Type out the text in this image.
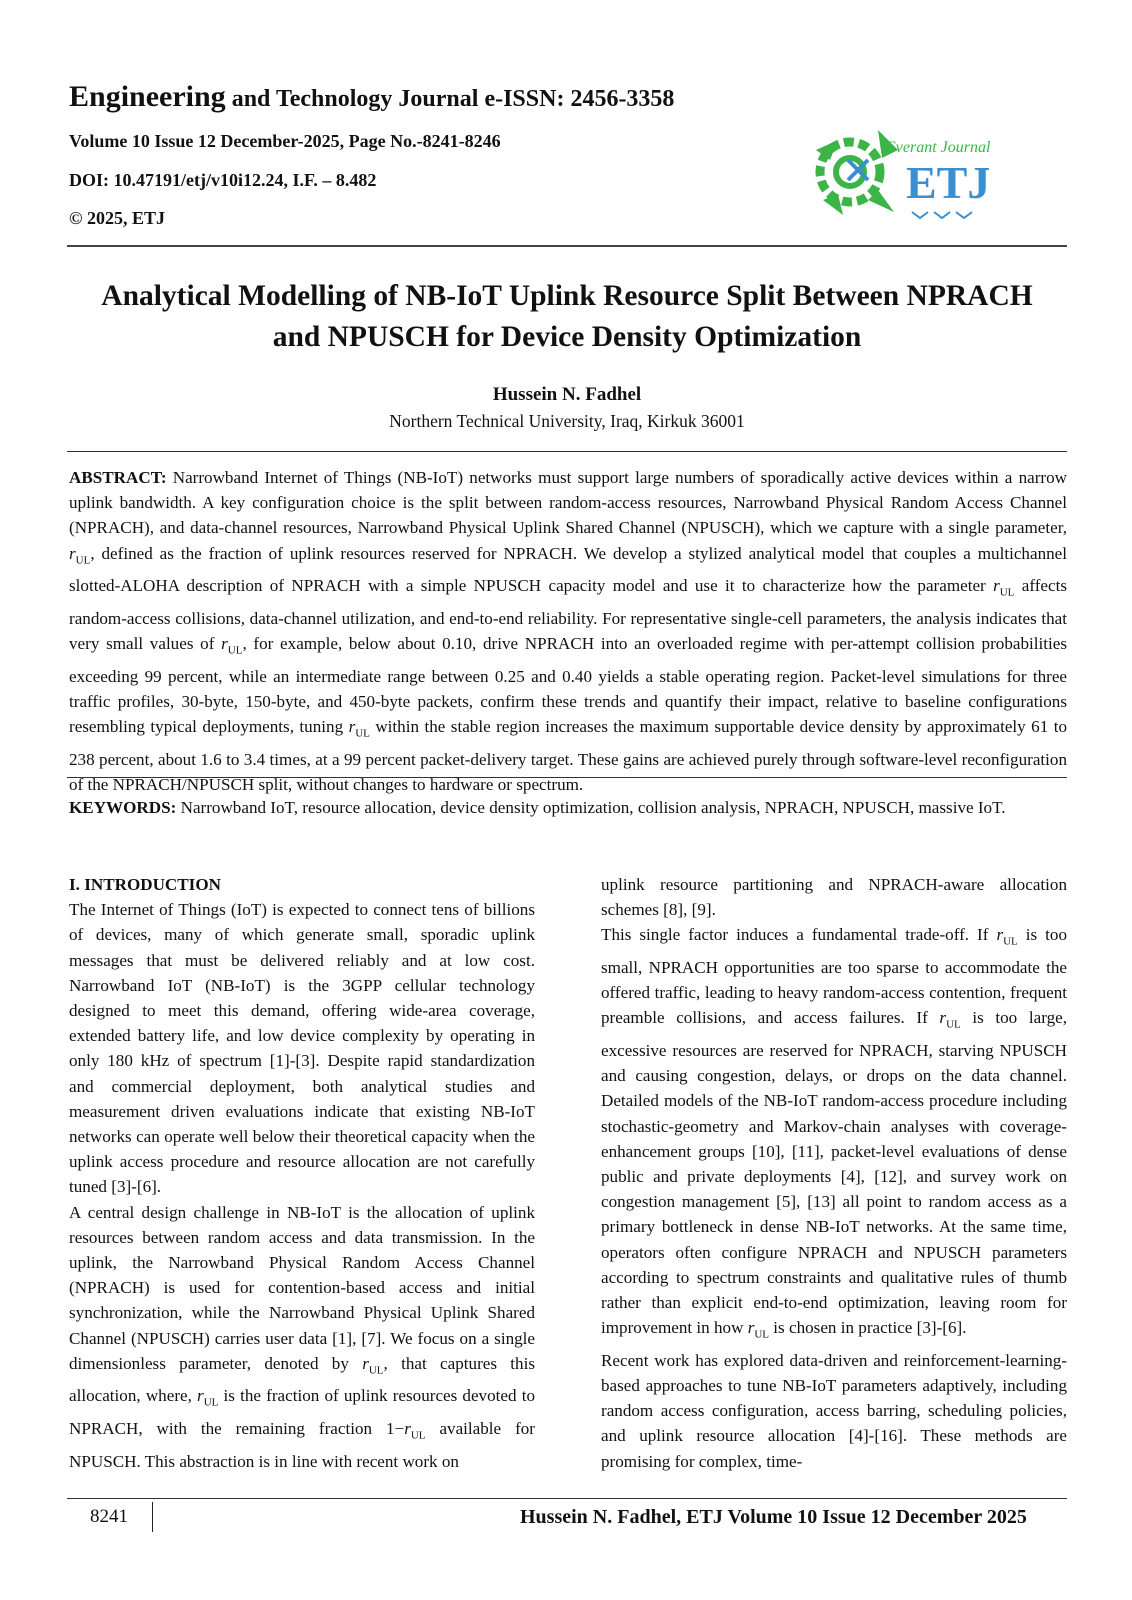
Engineering and Technology Journal e-ISSN: 2456-3358
Volume 10 Issue 12 December-2025, Page No.-8241-8246
DOI: 10.47191/etj/v10i12.24, I.F. – 8.482
© 2025, ETJ
Everant Journal
ETJ
Analytical Modelling of NB-IoT Uplink Resource Split Between NPRACH
and NPUSCH for Device Density Optimization
Hussein N. Fadhel
Northern Technical University, Iraq, Kirkuk 36001
ABSTRACT: Narrowband Internet of Things (NB-IoT) networks must support large numbers of sporadically active devices within a narrow uplink bandwidth. A key configuration choice is the split between random-access resources, Narrowband Physical Random Access Channel (NPRACH), and data-channel resources, Narrowband Physical Uplink Shared Channel (NPUSCH), which we capture with a single parameter, $r_{UL}$, defined as the fraction of uplink resources reserved for NPRACH. We develop a stylized analytical model that couples a multichannel slotted-ALOHA description of NPRACH with a simple NPUSCH capacity model and use it to characterize how the parameter $r_{UL}$ affects random-access collisions, data-channel utilization, and end-to-end reliability. For representative single-cell parameters, the analysis indicates that very small values of $r_{UL}$, for example, below about 0.10, drive NPRACH into an overloaded regime with per-attempt collision probabilities exceeding 99 percent, while an intermediate range between 0.25 and 0.40 yields a stable operating region. Packet-level simulations for three traffic profiles, 30-byte, 150-byte, and 450-byte packets, confirm these trends and quantify their impact, relative to baseline configurations resembling typical deployments, tuning $r_{UL}$ within the stable region increases the maximum supportable device density by approximately 61 to 238 percent, about 1.6 to 3.4 times, at a 99 percent packet-delivery target. These gains are achieved purely through software-level reconfiguration of the NPRACH/NPUSCH split, without changes to hardware or spectrum.
KEYWORDS: Narrowband IoT, resource allocation, device density optimization, collision analysis, NPRACH, NPUSCH, massive IoT.

I. INTRODUCTION

The Internet of Things (IoT) is expected to connect tens of billions of devices, many of which generate small, sporadic uplink messages that must be delivered reliably and at low cost. Narrowband IoT (NB-IoT) is the 3GPP cellular technology designed to meet this demand, offering wide-area coverage, extended battery life, and low device complexity by operating in only 180 kHz of spectrum [1]-[3]. Despite rapid standardization and commercial deployment, both analytical studies and measurement driven evaluations indicate that existing NB-IoT networks can operate well below their theoretical capacity when the uplink access procedure and resource allocation are not carefully tuned [3]-[6].

A central design challenge in NB-IoT is the allocation of uplink resources between random access and data transmission. In the uplink, the Narrowband Physical Random Access Channel (NPRACH) is used for contention-based access and initial synchronization, while the Narrowband Physical Uplink Shared Channel (NPUSCH) carries user data [1], [7]. We focus on a single dimensionless parameter, denoted by $r_{UL}$, that captures this allocation, where, $r_{UL}$ is the fraction of uplink resources devoted to NPRACH, with the remaining fraction $1-r_{UL}$ available for NPUSCH. This abstraction is in line with recent work on

uplink resource partitioning and NPRACH-aware allocation schemes [8], [9].

This single factor induces a fundamental trade-off. If $r_{UL}$ is too small, NPRACH opportunities are too sparse to accommodate the offered traffic, leading to heavy random-access contention, frequent preamble collisions, and access failures. If $r_{UL}$ is too large, excessive resources are reserved for NPRACH, starving NPUSCH and causing congestion, delays, or drops on the data channel. Detailed models of the NB-IoT random-access procedure including stochastic-geometry and Markov-chain analyses with coverage-enhancement groups [10], [11], packet-level evaluations of dense public and private deployments [4], [12], and survey work on congestion management [5], [13] all point to random access as a primary bottleneck in dense NB-IoT networks. At the same time, operators often configure NPRACH and NPUSCH parameters according to spectrum constraints and qualitative rules of thumb rather than explicit end-to-end optimization, leaving room for improvement in how $r_{UL}$ is chosen in practice [3]-[6].

Recent work has explored data-driven and reinforcement-learning-based approaches to tune NB-IoT parameters adaptively, including random access configuration, access barring, scheduling policies, and uplink resource allocation [4]-[16]. These methods are promising for complex, time-

8241	Hussein N. Fadhel, ETJ Volume 10 Issue 12 December 2025
